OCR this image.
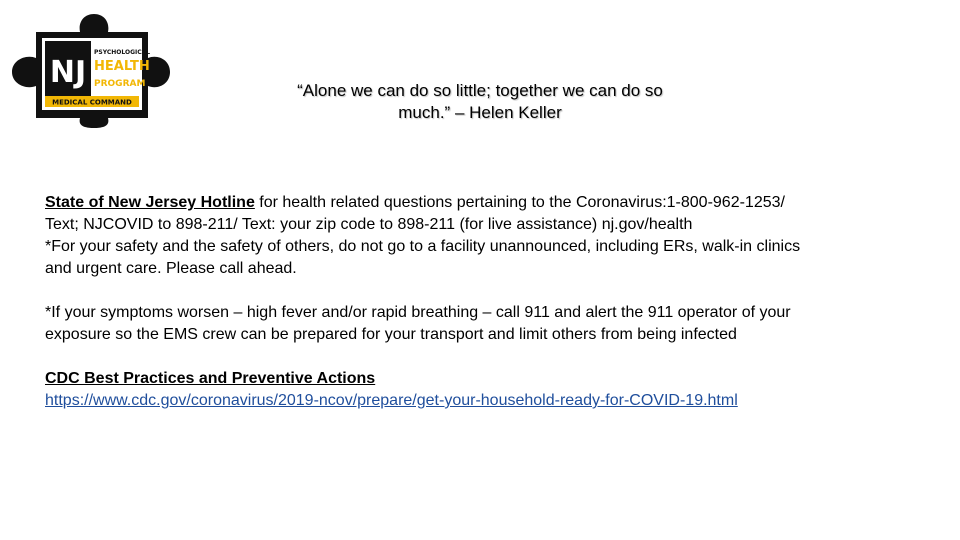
NJ
PSYCHOLOGICAL
HEALTH
PROGRAM
MEDICAL COMMAND
“Alone we can do so little; together we can do so
much.” – Helen Keller

State of New Jersey Hotline for health related questions pertaining to the Coronavirus:1-800-962-1253/

Text; NJCOVID to 898-211/ Text: your zip code to 898-211 (for live assistance) nj.gov/health

*For your safety and the safety of others, do not go to a facility unannounced, including ERs, walk-in clinics

and urgent care. Please call ahead.

*If your symptoms worsen – high fever and/or rapid breathing – call 911 and alert the 911 operator of your

exposure so the EMS crew can be prepared for your transport and limit others from being infected

CDC Best Practices and Preventive Actions

https://www.cdc.gov/coronavirus/2019-ncov/prepare/get-your-household-ready-for-COVID-19.html
